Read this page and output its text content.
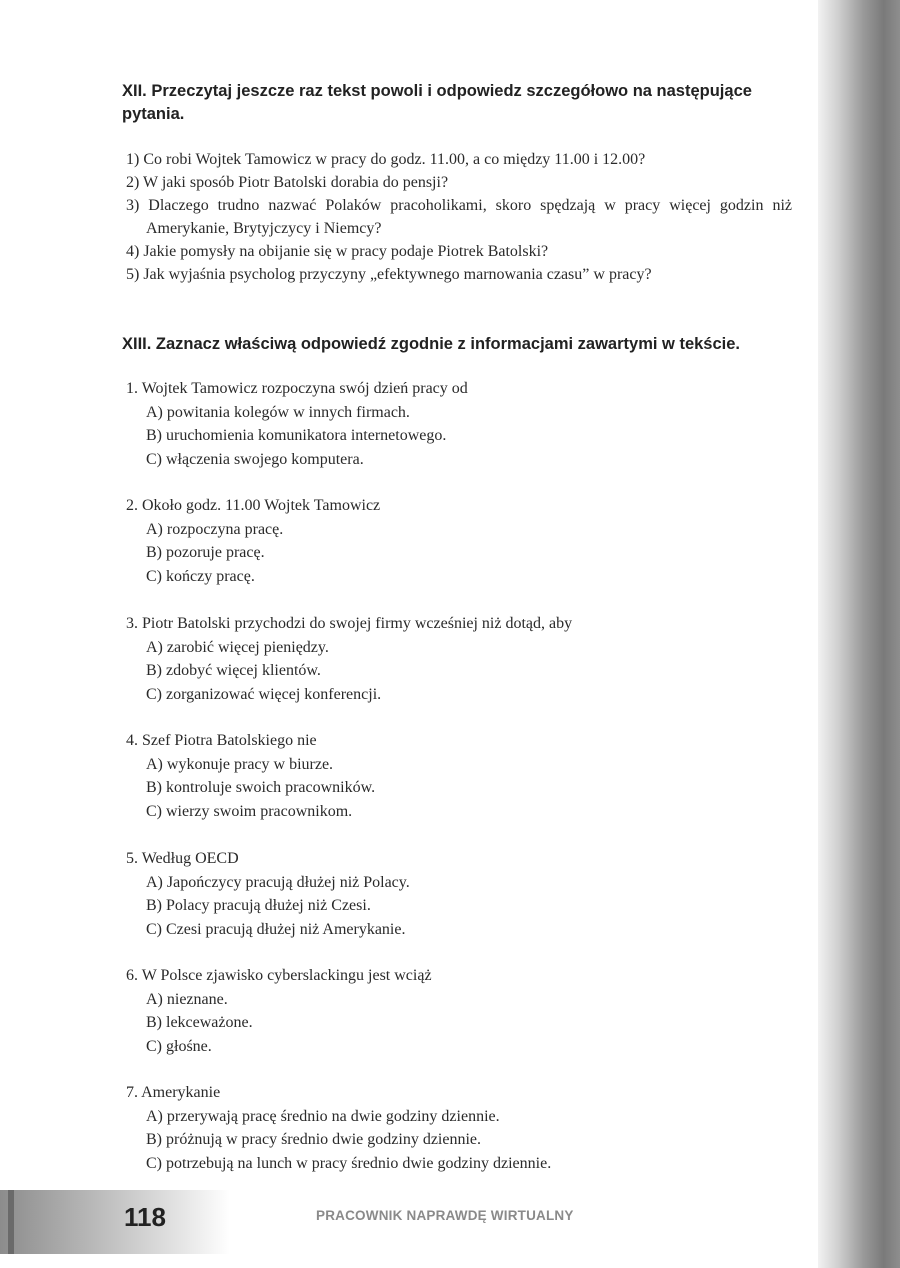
XII. Przeczytaj jeszcze raz tekst powoli i odpowiedz szczegółowo na następujące pytania.
1) Co robi Wojtek Tamowicz w pracy do godz. 11.00, a co między 11.00 i 12.00?
2) W jaki sposób Piotr Batolski dorabia do pensji?
3) Dlaczego trudno nazwać Polaków pracoholikami, skoro spędzają w pracy więcej godzin niż Amerykanie, Brytyjczycy i Niemcy?
4) Jakie pomysły na obijanie się w pracy podaje Piotrek Batolski?
5) Jak wyjaśnia psycholog przyczyny „efektywnego marnowania czasu” w pracy?
XIII. Zaznacz właściwą odpowiedź zgodnie z informacjami zawartymi w tekście.
1. Wojtek Tamowicz rozpoczyna swój dzień pracy od
A) powitania kolegów w innych firmach.
B) uruchomienia komunikatora internetowego.
C) włączenia swojego komputera.
2. Około godz. 11.00 Wojtek Tamowicz
A) rozpoczyna pracę.
B) pozoruje pracę.
C) kończy pracę.
3. Piotr Batolski przychodzi do swojej firmy wcześniej niż dotąd, aby
A) zarobić więcej pieniędzy.
B) zdobyć więcej klientów.
C) zorganizować więcej konferencji.
4. Szef Piotra Batolskiego nie
A) wykonuje pracy w biurze.
B) kontroluje swoich pracowników.
C) wierzy swoim pracownikom.
5. Według OECD
A) Japończycy pracują dłużej niż Polacy.
B) Polacy pracują dłużej niż Czesi.
C) Czesi pracują dłużej niż Amerykanie.
6. W Polsce zjawisko cyberslackingu jest wciąż
A) nieznane.
B) lekceważone.
C) głośne.
7. Amerykanie
A) przerywają pracę średnio na dwie godziny dziennie.
B) próżnują w pracy średnio dwie godziny dziennie.
C) potrzebują na lunch w pracy średnio dwie godziny dziennie.
118	PRACOWNIK NAPRAWDĘ WIRTUALNY
